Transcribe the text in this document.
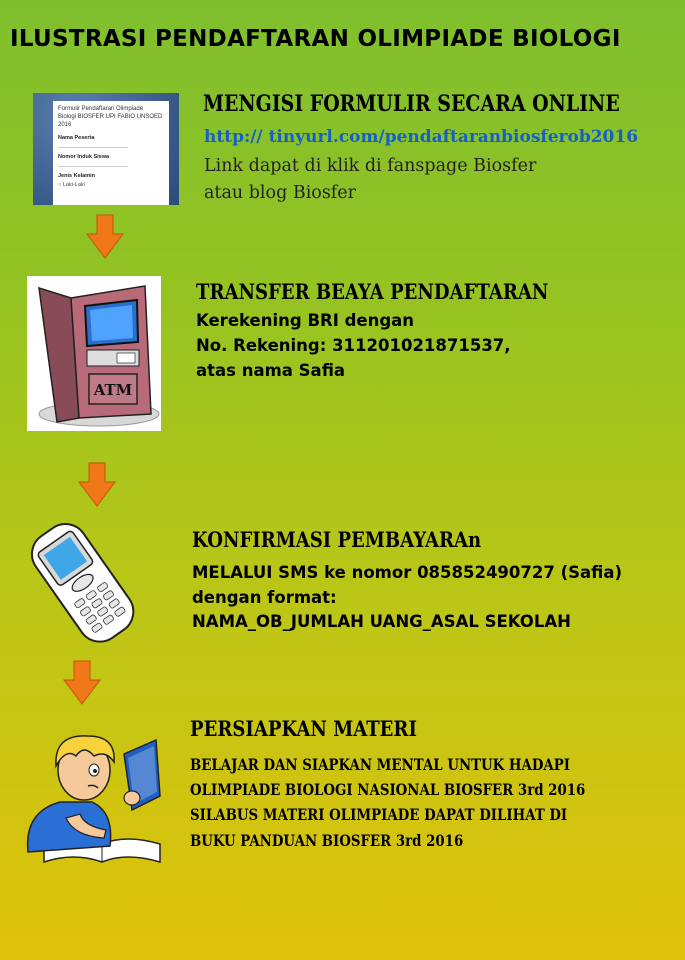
ILUSTRASI PENDAFTARAN OLIMPIADE BIOLOGI
Formulir Pendaftaran Olimpiade
Biologi BIOSFER UPI FABIO UNSOED
2016
Nama Peserta
Nomor Induk Siswa
Jenis Kelamin
○ Laki-Laki
MENGISI FORMULIR SECARA ONLINE
http:// tinyurl.com/pendaftaranbiosferob2016
Link dapat di klik di fanspage Biosfer
atau blog Biosfer
ATM
TRANSFER BEAYA PENDAFTARAN
Kerekening BRI dengan
No. Rekening: 311201021871537,
atas nama Safia
KONFIRMASI PEMBAYARAn
MELALUI SMS ke nomor 085852490727 (Safia)
dengan format:
NAMA_OB_JUMLAH UANG_ASAL SEKOLAH
PERSIAPKAN MATERI
BELAJAR DAN SIAPKAN MENTAL UNTUK HADAPI
OLIMPIADE BIOLOGI NASIONAL BIOSFER 3rd 2016
SILABUS MATERI OLIMPIADE DAPAT DILIHAT DI
BUKU PANDUAN BIOSFER 3rd 2016
